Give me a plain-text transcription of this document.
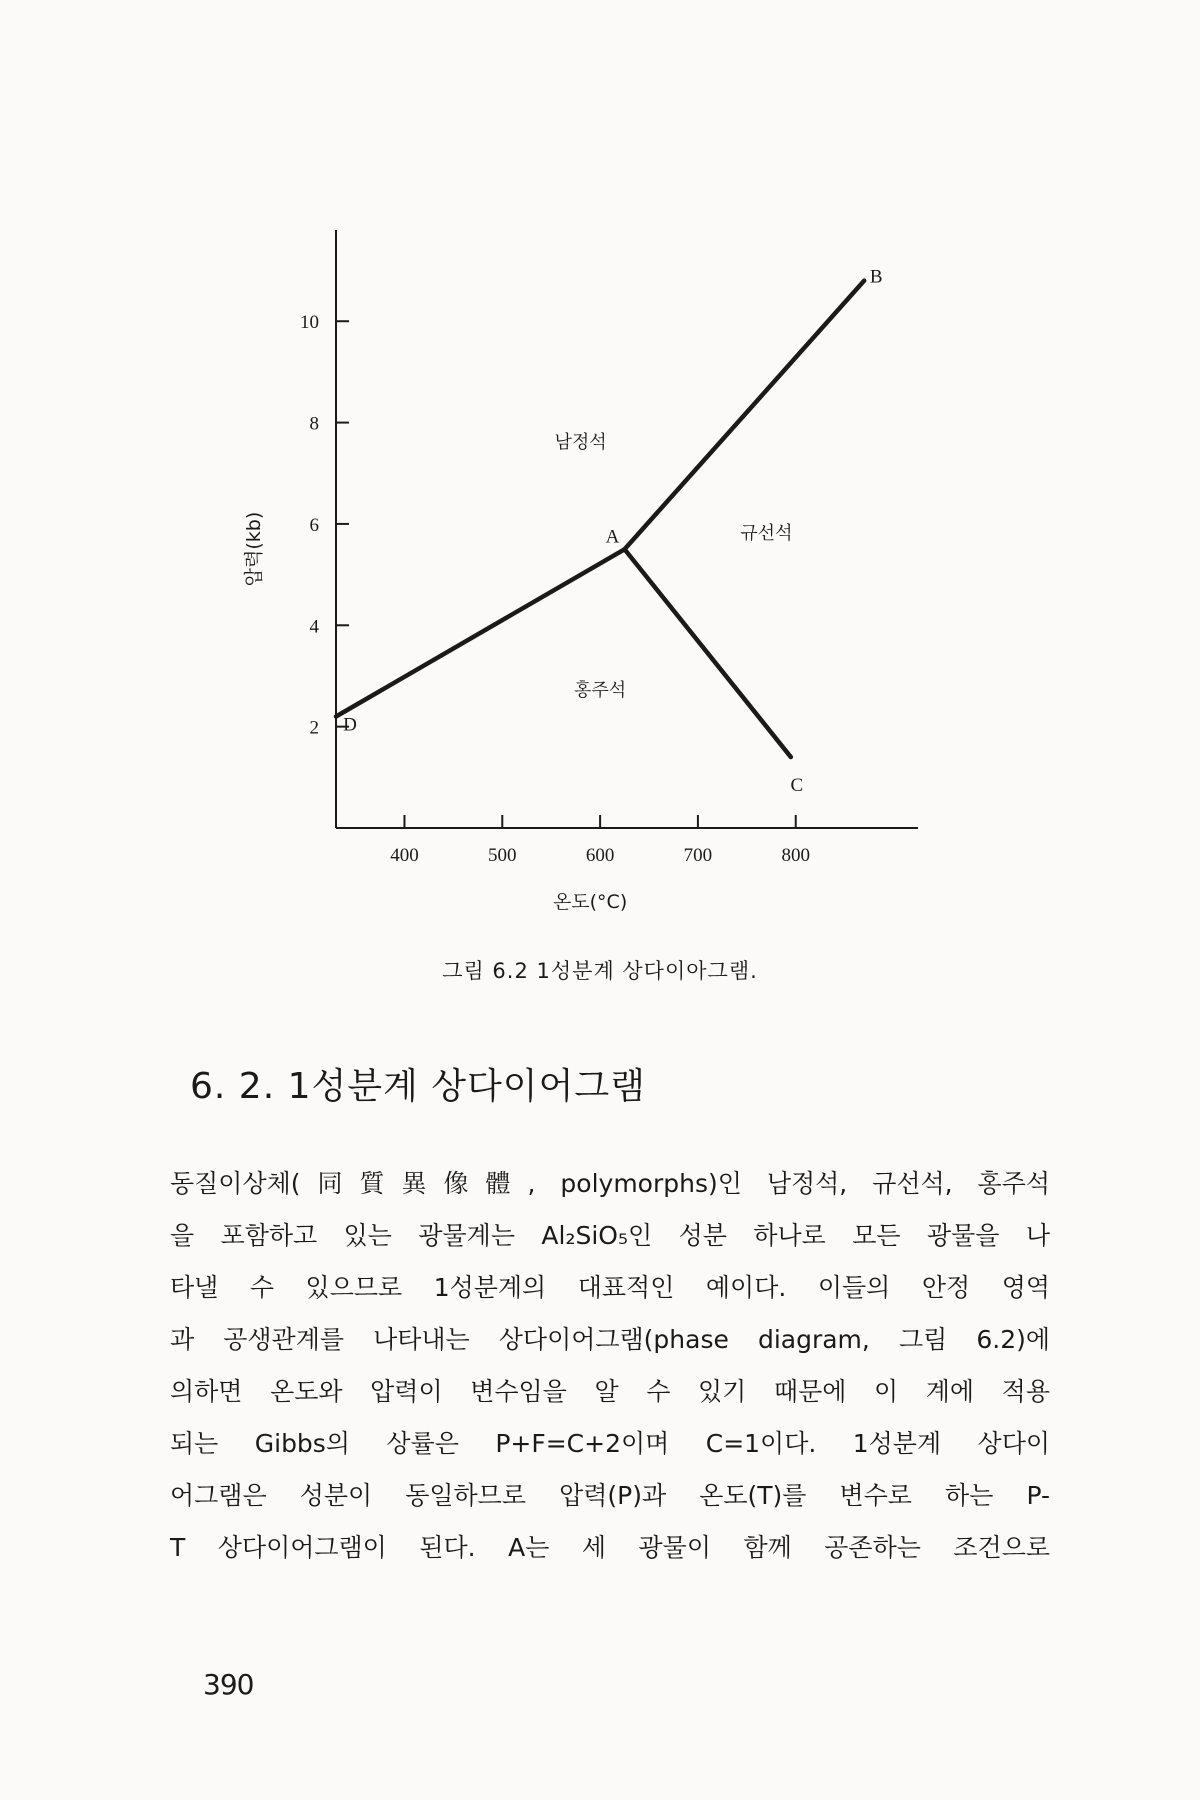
400	500	600	700	800
2
4
6
8
10
A
B
C
D
남정석
규선석
홍주석
온도(°C)
압력(kb)
그림 6.2 1성분계 상다이아그램.
6. 2. 1성분계 상다이어그램
동질이상체(同質異像體, polymorphs)인 남정석, 규선석, 홍주석
을 포함하고 있는 광물계는 Al₂SiO₅인 성분 하나로 모든 광물을 나
타낼 수 있으므로 1성분계의 대표적인 예이다. 이들의 안정 영역
과 공생관계를 나타내는 상다이어그램(phase diagram, 그림 6.2)에
의하면 온도와 압력이 변수임을 알 수 있기 때문에 이 계에 적용
되는 Gibbs의 상률은 P+F=C+2이며 C=1이다. 1성분계 상다이
어그램은 성분이 동일하므로 압력(P)과 온도(T)를 변수로 하는 P-
T 상다이어그램이 된다. A는 세 광물이 함께 공존하는 조건으로
390
